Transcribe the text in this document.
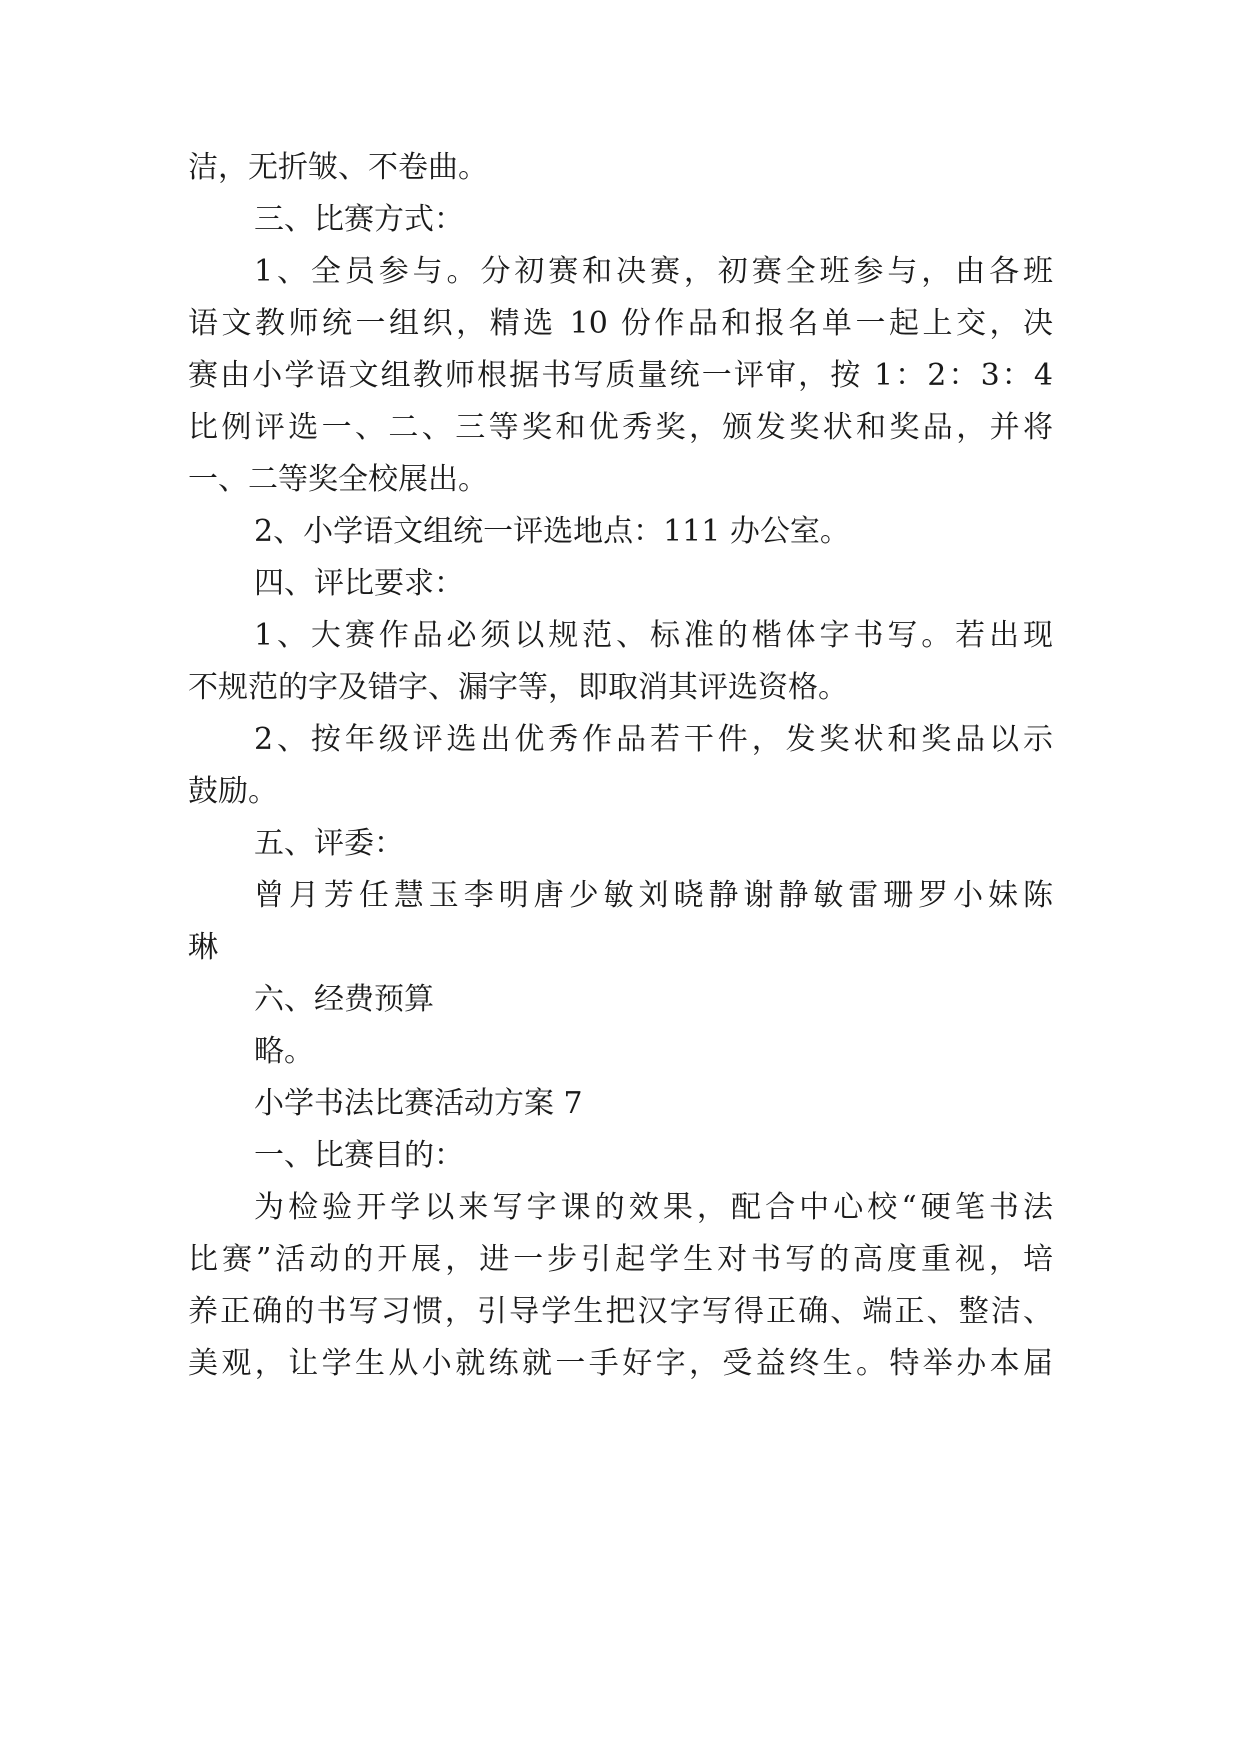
洁，无折皱、不卷曲。
三、比赛方式：
1、全员参与。分初赛和决赛，初赛全班参与，由各班
语文教师统一组织，精选 10 份作品和报名单一起上交，决
赛由小学语文组教师根据书写质量统一评审，按 1：2：3：4
比例评选一、二、三等奖和优秀奖，颁发奖状和奖品，并将
一、二等奖全校展出。
2、小学语文组统一评选地点：111 办公室。
四、评比要求：
1、大赛作品必须以规范、标准的楷体字书写。若出现
不规范的字及错字、漏字等，即取消其评选资格。
2、按年级评选出优秀作品若干件，发奖状和奖品以示
鼓励。
五、评委：
曾月芳任慧玉李明唐少敏刘晓静谢静敏雷珊罗小妹陈
琳
六、经费预算
略。
小学书法比赛活动方案 7
一、比赛目的：
为检验开学以来写字课的效果，配合中心校“硬笔书法
比赛”活动的开展，进一步引起学生对书写的高度重视，培
养正确的书写习惯，引导学生把汉字写得正确、端正、整洁、
美观，让学生从小就练就一手好字，受益终生。特举办本届
